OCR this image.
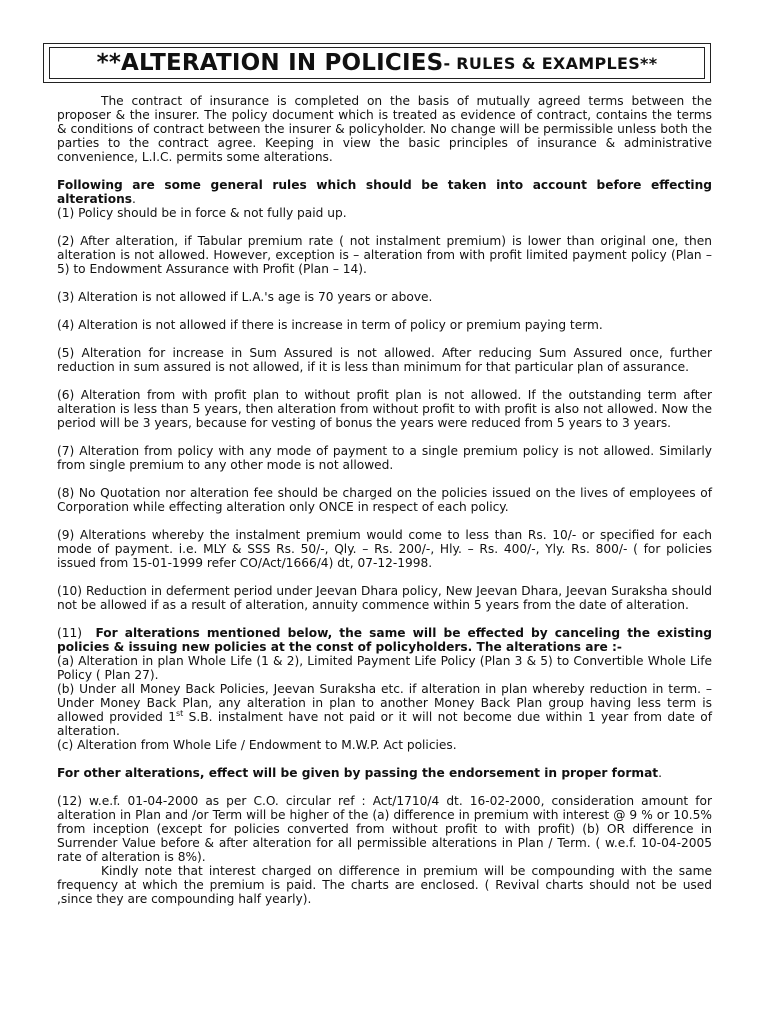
**ALTERATION IN POLICIES - RULES & EXAMPLES**

The contract of insurance is completed on the basis of mutually agreed terms between the proposer & the insurer. The policy document which is treated as evidence of contract, contains the terms & conditions of contract between the insurer & policyholder. No change will be permissible unless both the parties to the contract agree. Keeping in view the basic principles of insurance & administrative convenience, L.I.C. permits some alterations.

Following are some general rules which should be taken into account before effecting alterations.

(1) Policy should be in force & not fully paid up.

(2) After alteration, if Tabular premium rate ( not instalment premium) is lower than original one, then alteration is not allowed. However, exception is – alteration from with profit limited payment policy (Plan – 5) to Endowment Assurance with Profit (Plan – 14).

(3) Alteration is not allowed if L.A.'s age is 70 years or above.

(4) Alteration is not allowed if there is increase in term of policy or premium paying term.

(5) Alteration for increase in Sum Assured is not allowed. After reducing Sum Assured once, further reduction in sum assured is not allowed, if it is less than minimum for that particular plan of assurance.

(6) Alteration from with profit plan to without profit plan is not allowed. If the outstanding term after alteration is less than 5 years, then alteration from without profit to with profit is also not allowed. Now the period will be 3 years, because for vesting of bonus the years were reduced from 5 years to 3 years.

(7) Alteration from policy with any mode of payment to a single premium policy is not allowed. Similarly from single premium to any other mode is not allowed.

(8) No Quotation nor alteration fee should be charged on the policies issued on the lives of employees of Corporation while effecting alteration only ONCE in respect of each policy.

(9) Alterations whereby the instalment premium would come to less than Rs. 10/- or specified for each mode of payment. i.e. MLY & SSS Rs. 50/-, Qly. – Rs. 200/-, Hly. – Rs. 400/-, Yly. Rs. 800/- ( for policies issued from 15-01-1999 refer CO/Act/1666/4) dt, 07-12-1998.

(10) Reduction in deferment period under Jeevan Dhara policy, New Jeevan Dhara, Jeevan Suraksha should not be allowed if as a result of alteration, annuity commence within 5 years from the date of alteration.

(11) For alterations mentioned below, the same will be effected by canceling the existing policies & issuing new policies at the const of policyholders. The alterations are :-

(a) Alteration in plan Whole Life (1 & 2), Limited Payment Life Policy (Plan 3 & 5) to Convertible Whole Life Policy ( Plan 27).

(b) Under all Money Back Policies, Jeevan Suraksha etc. if alteration in plan whereby reduction in term. – Under Money Back Plan, any alteration in plan to another Money Back Plan group having less term is allowed provided 1st S.B. instalment have not paid or it will not become due within 1 year from date of alteration.

(c) Alteration from Whole Life / Endowment to M.W.P. Act policies.

For other alterations, effect will be given by passing the endorsement in proper format.

(12) w.e.f. 01-04-2000 as per C.O. circular ref : Act/1710/4 dt. 16-02-2000, consideration amount for alteration in Plan and /or Term will be higher of the (a) difference in premium with interest @ 9 % or 10.5% from inception (except for policies converted from without profit to with profit) (b) OR difference in Surrender Value before & after alteration for all permissible alterations in Plan / Term. ( w.e.f. 10-04-2005 rate of alteration is 8%).

Kindly note that interest charged on difference in premium will be compounding with the same frequency at which the premium is paid. The charts are enclosed. ( Revival charts should not be used ,since they are compounding half yearly).
